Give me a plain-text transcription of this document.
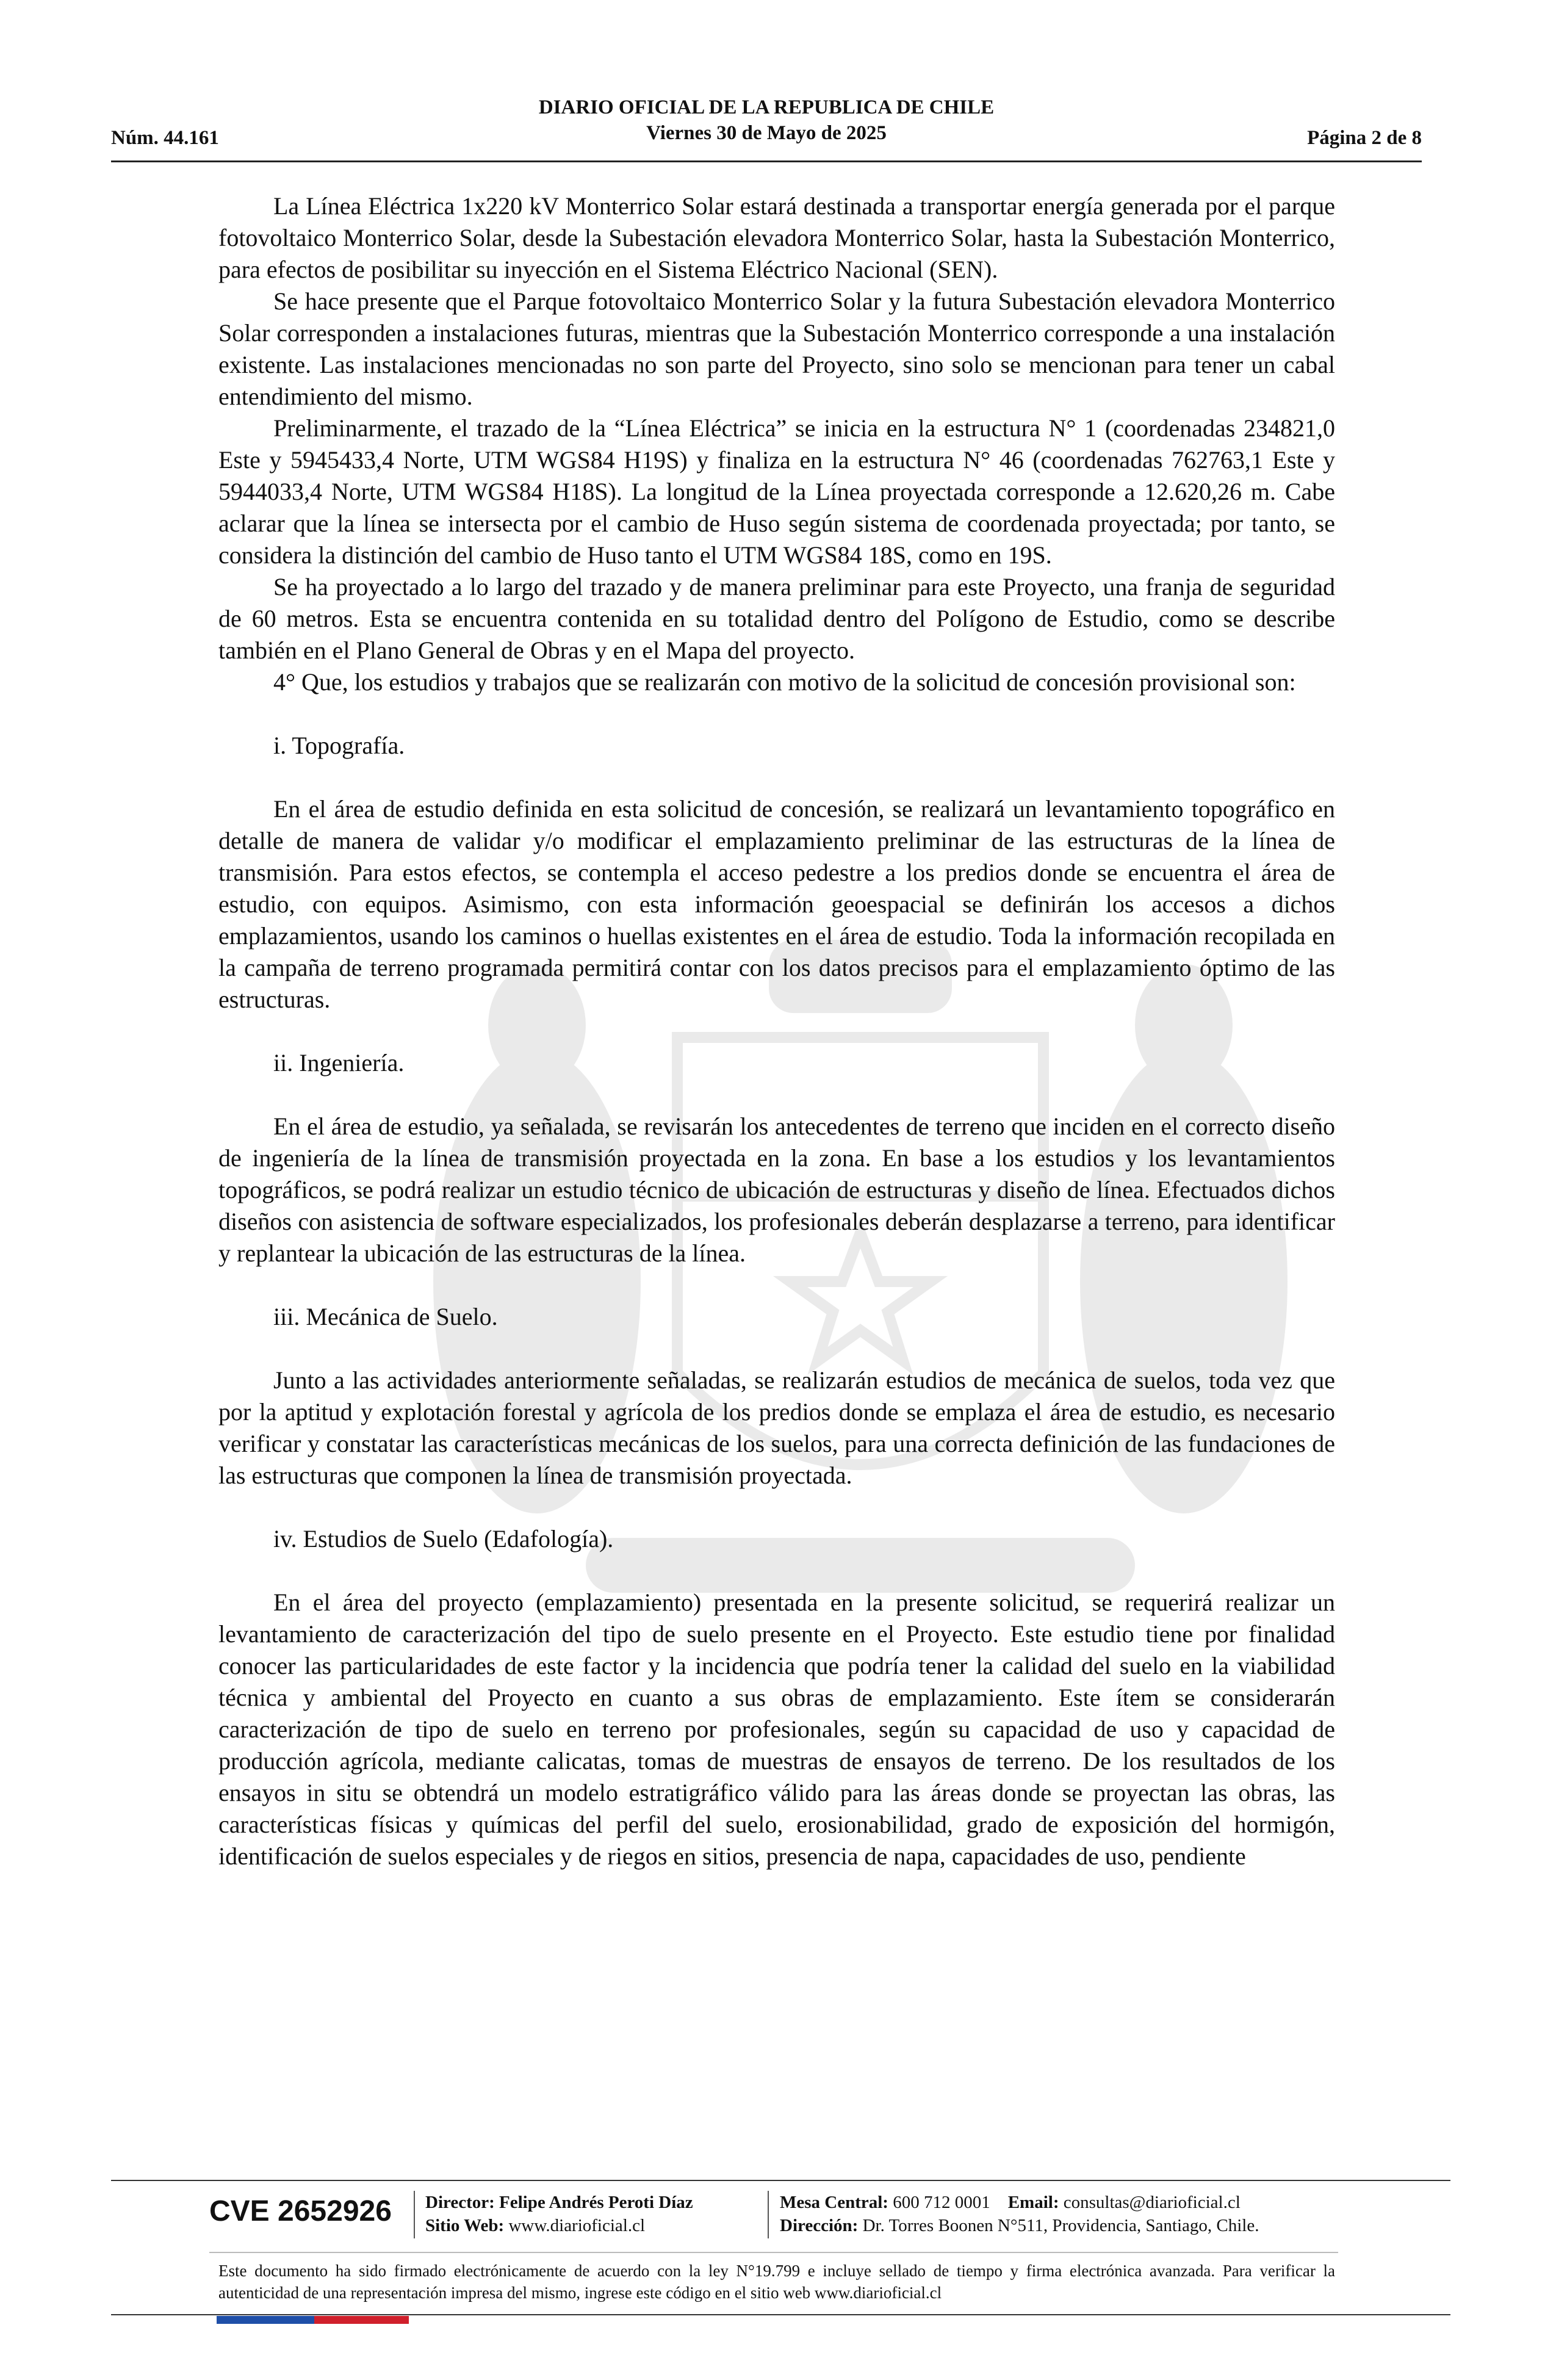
DIARIO OFICIAL DE LA REPUBLICA DE CHILE
Viernes 30 de Mayo de 2025
Núm. 44.161	Página 2 de 8

La Línea Eléctrica 1x220 kV Monterrico Solar estará destinada a transportar energía generada por el parque fotovoltaico Monterrico Solar, desde la Subestación elevadora Monterrico Solar, hasta la Subestación Monterrico, para efectos de posibilitar su inyección en el Sistema Eléctrico Nacional (SEN).

Se hace presente que el Parque fotovoltaico Monterrico Solar y la futura Subestación elevadora Monterrico Solar corresponden a instalaciones futuras, mientras que la Subestación Monterrico corresponde a una instalación existente. Las instalaciones mencionadas no son parte del Proyecto, sino solo se mencionan para tener un cabal entendimiento del mismo.

Preliminarmente, el trazado de la “Línea Eléctrica” se inicia en la estructura N° 1 (coordenadas 234821,0 Este y 5945433,4 Norte, UTM WGS84 H19S) y finaliza en la estructura N° 46 (coordenadas 762763,1 Este y 5944033,4 Norte, UTM WGS84 H18S). La longitud de la Línea proyectada corresponde a 12.620,26 m. Cabe aclarar que la línea se intersecta por el cambio de Huso según sistema de coordenada proyectada; por tanto, se considera la distinción del cambio de Huso tanto el UTM WGS84 18S, como en 19S.

Se ha proyectado a lo largo del trazado y de manera preliminar para este Proyecto, una franja de seguridad de 60 metros. Esta se encuentra contenida en su totalidad dentro del Polígono de Estudio, como se describe también en el Plano General de Obras y en el Mapa del proyecto.

4° Que, los estudios y trabajos que se realizarán con motivo de la solicitud de concesión provisional son:

i. Topografía.

En el área de estudio definida en esta solicitud de concesión, se realizará un levantamiento topográfico en detalle de manera de validar y/o modificar el emplazamiento preliminar de las estructuras de la línea de transmisión. Para estos efectos, se contempla el acceso pedestre a los predios donde se encuentra el área de estudio, con equipos. Asimismo, con esta información geoespacial se definirán los accesos a dichos emplazamientos, usando los caminos o huellas existentes en el área de estudio. Toda la información recopilada en la campaña de terreno programada permitirá contar con los datos precisos para el emplazamiento óptimo de las estructuras.

ii. Ingeniería.

En el área de estudio, ya señalada, se revisarán los antecedentes de terreno que inciden en el correcto diseño de ingeniería de la línea de transmisión proyectada en la zona. En base a los estudios y los levantamientos topográficos, se podrá realizar un estudio técnico de ubicación de estructuras y diseño de línea. Efectuados dichos diseños con asistencia de software especializados, los profesionales deberán desplazarse a terreno, para identificar y replantear la ubicación de las estructuras de la línea.

iii. Mecánica de Suelo.

Junto a las actividades anteriormente señaladas, se realizarán estudios de mecánica de suelos, toda vez que por la aptitud y explotación forestal y agrícola de los predios donde se emplaza el área de estudio, es necesario verificar y constatar las características mecánicas de los suelos, para una correcta definición de las fundaciones de las estructuras que componen la línea de transmisión proyectada.

iv. Estudios de Suelo (Edafología).

En el área del proyecto (emplazamiento) presentada en la presente solicitud, se requerirá realizar un levantamiento de caracterización del tipo de suelo presente en el Proyecto. Este estudio tiene por finalidad conocer las particularidades de este factor y la incidencia que podría tener la calidad del suelo en la viabilidad técnica y ambiental del Proyecto en cuanto a sus obras de emplazamiento. Este ítem se considerarán caracterización de tipo de suelo en terreno por profesionales, según su capacidad de uso y capacidad de producción agrícola, mediante calicatas, tomas de muestras de ensayos de terreno. De los resultados de los ensayos in situ se obtendrá un modelo estratigráfico válido para las áreas donde se proyectan las obras, las características físicas y químicas del perfil del suelo, erosionabilidad, grado de exposición del hormigón, identificación de suelos especiales y de riegos en sitios, presencia de napa, capacidades de uso, pendiente

CVE 2652926 Director: Felipe Andrés Peroti Díaz
Sitio Web: www.diarioficial.cl
Mesa Central: 600 712 0001 Email: consultas@diarioficial.cl
Dirección: Dr. Torres Boonen N°511, Providencia, Santiago, Chile.
Este documento ha sido firmado electrónicamente de acuerdo con la ley N°19.799 e incluye sellado de tiempo y firma electrónica avanzada. Para verificar la autenticidad de una representación impresa del mismo, ingrese este código en el sitio web www.diarioficial.cl
